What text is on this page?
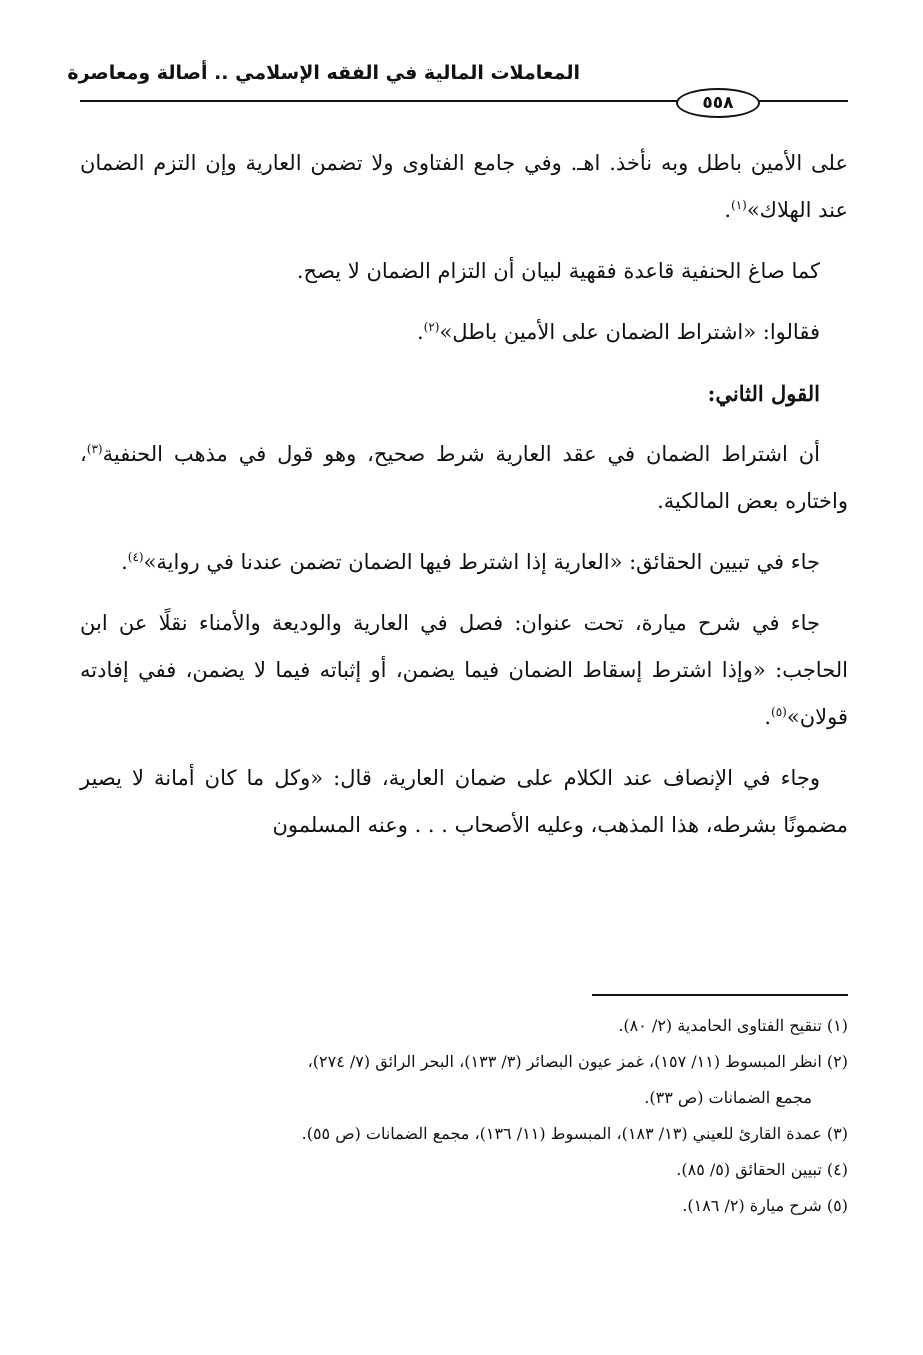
المعاملات المالية في الفقه الإسلامي .. أصالة ومعاصرة
٥٥٨

على الأمين باطل وبه نأخذ. اهـ. وفي جامع الفتاوى ولا تضمن العارية وإن التزم الضمان عند الهلاك»$^{(١)}$.

كما صاغ الحنفية قاعدة فقهية لبيان أن التزام الضمان لا يصح.

فقالوا: «اشتراط الضمان على الأمين باطل»$^{(٢)}$.

القول الثاني:

أن اشتراط الضمان في عقد العارية شرط صحيح، وهو قول في مذهب الحنفية$^{(٣)}$، واختاره بعض المالكية.

جاء في تبيين الحقائق: «العارية إذا اشترط فيها الضمان تضمن عندنا في رواية»$^{(٤)}$.

جاء في شرح ميارة، تحت عنوان: فصل في العارية والوديعة والأمناء نقلًا عن ابن الحاجب: «وإذا اشترط إسقاط الضمان فيما يضمن، أو إثباته فيما لا يضمن، ففي إفادته قولان»$^{(٥)}$.

وجاء في الإنصاف عند الكلام على ضمان العارية، قال: «وكل ما كان أمانة لا يصير مضمونًا بشرطه، هذا المذهب، وعليه الأصحاب . . . وعنه المسلمون

(١) تنقيح الفتاوى الحامدية (٢/ ٨٠).
(٢) انظر المبسوط (١١/ ١٥٧)، غمز عيون البصائر (٣/ ١٣٣)، البحر الرائق (٧/ ٢٧٤)،
مجمع الضمانات (ص ٣٣).
(٣) عمدة القارئ للعيني (١٣/ ١٨٣)، المبسوط (١١/ ١٣٦)، مجمع الضمانات (ص ٥٥).
(٤) تبيين الحقائق (٥/ ٨٥).
(٥) شرح ميارة (٢/ ١٨٦).
